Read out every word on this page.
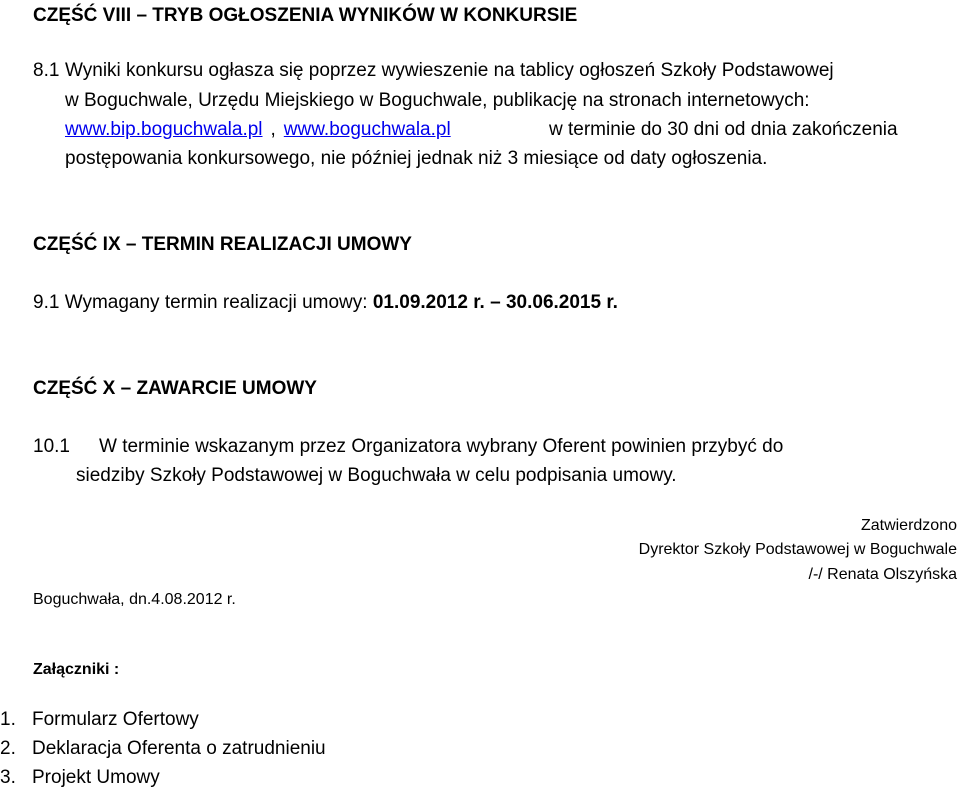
CZĘŚĆ VIII – TRYB OGŁOSZENIA WYNIKÓW W KONKURSIE
8.1 Wyniki konkursu ogłasza się poprzez wywieszenie na tablicy ogłoszeń Szkoły Podstawowej
w Boguchwale, Urzędu Miejskiego w Boguchwale, publikację na stronach internetowych:
www.bip.boguchwala.pl , www.boguchwala.pl	w terminie do 30 dni od dnia zakończenia
postępowania konkursowego, nie później jednak niż 3 miesiące od daty ogłoszenia.
CZĘŚĆ IX – TERMIN REALIZACJI UMOWY
9.1 Wymagany termin realizacji umowy: 01.09.2012 r. – 30.06.2015 r.
CZĘŚĆ X – ZAWARCIE UMOWY
10.1 W terminie wskazanym przez Organizatora wybrany Oferent powinien przybyć do
siedziby Szkoły Podstawowej w Boguchwała w celu podpisania umowy.
Zatwierdzono
Dyrektor Szkoły Podstawowej w Boguchwale
/-/ Renata Olszyńska
Boguchwała, dn.4.08.2012 r.
Załączniki :
1. Formularz Ofertowy
2. Deklaracja Oferenta o zatrudnieniu
3. Projekt Umowy
